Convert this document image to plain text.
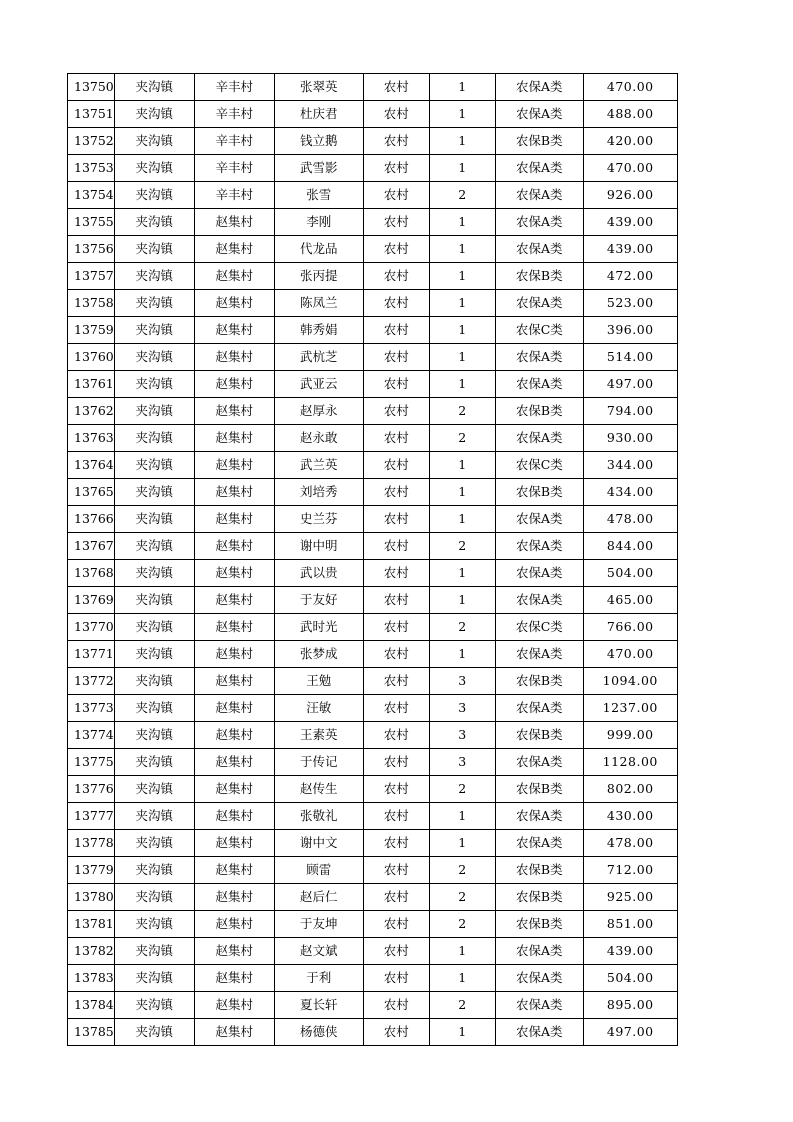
13750	夹沟镇	辛丰村	张翠英	农村	1	农保A类	470.00
13751	夹沟镇	辛丰村	杜庆君	农村	1	农保A类	488.00
13752	夹沟镇	辛丰村	钱立鹅	农村	1	农保B类	420.00
13753	夹沟镇	辛丰村	武雪影	农村	1	农保A类	470.00
13754	夹沟镇	辛丰村	张雪	农村	2	农保A类	926.00
13755	夹沟镇	赵集村	李刚	农村	1	农保A类	439.00
13756	夹沟镇	赵集村	代龙品	农村	1	农保A类	439.00
13757	夹沟镇	赵集村	张丙提	农村	1	农保B类	472.00
13758	夹沟镇	赵集村	陈凤兰	农村	1	农保A类	523.00
13759	夹沟镇	赵集村	韩秀娟	农村	1	农保C类	396.00
13760	夹沟镇	赵集村	武杭芝	农村	1	农保A类	514.00
13761	夹沟镇	赵集村	武亚云	农村	1	农保A类	497.00
13762	夹沟镇	赵集村	赵厚永	农村	2	农保B类	794.00
13763	夹沟镇	赵集村	赵永敢	农村	2	农保A类	930.00
13764	夹沟镇	赵集村	武兰英	农村	1	农保C类	344.00
13765	夹沟镇	赵集村	刘培秀	农村	1	农保B类	434.00
13766	夹沟镇	赵集村	史兰芬	农村	1	农保A类	478.00
13767	夹沟镇	赵集村	谢中明	农村	2	农保A类	844.00
13768	夹沟镇	赵集村	武以贵	农村	1	农保A类	504.00
13769	夹沟镇	赵集村	于友好	农村	1	农保A类	465.00
13770	夹沟镇	赵集村	武时光	农村	2	农保C类	766.00
13771	夹沟镇	赵集村	张梦成	农村	1	农保A类	470.00
13772	夹沟镇	赵集村	王勉	农村	3	农保B类	1094.00
13773	夹沟镇	赵集村	汪敏	农村	3	农保A类	1237.00
13774	夹沟镇	赵集村	王素英	农村	3	农保B类	999.00
13775	夹沟镇	赵集村	于传记	农村	3	农保A类	1128.00
13776	夹沟镇	赵集村	赵传生	农村	2	农保B类	802.00
13777	夹沟镇	赵集村	张敬礼	农村	1	农保A类	430.00
13778	夹沟镇	赵集村	谢中文	农村	1	农保A类	478.00
13779	夹沟镇	赵集村	顾雷	农村	2	农保B类	712.00
13780	夹沟镇	赵集村	赵后仁	农村	2	农保B类	925.00
13781	夹沟镇	赵集村	于友坤	农村	2	农保B类	851.00
13782	夹沟镇	赵集村	赵文斌	农村	1	农保A类	439.00
13783	夹沟镇	赵集村	于利	农村	1	农保A类	504.00
13784	夹沟镇	赵集村	夏长轩	农村	2	农保A类	895.00
13785	夹沟镇	赵集村	杨德侠	农村	1	农保A类	497.00
